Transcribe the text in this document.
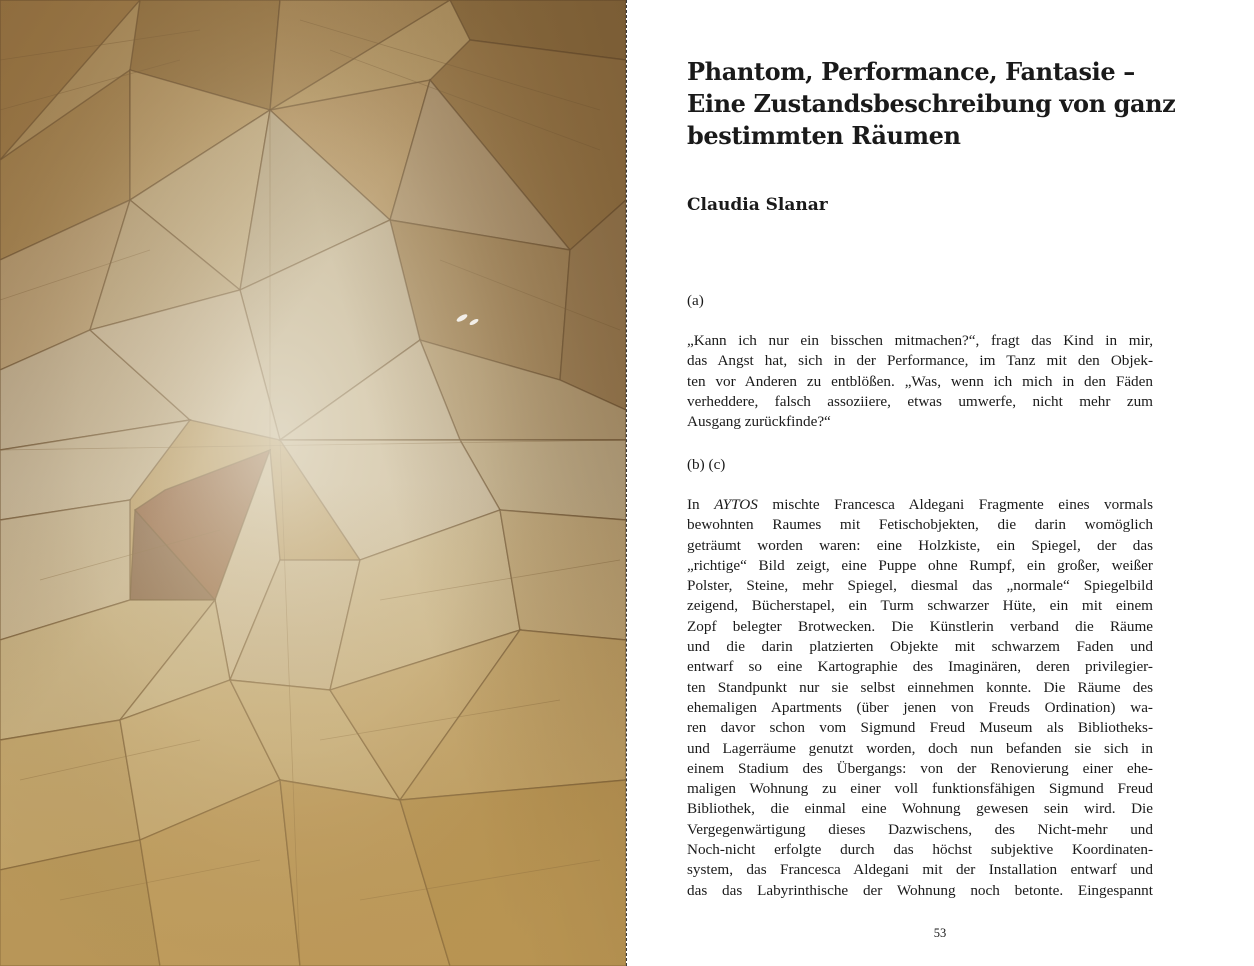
Phantom, Performance, Fantasie –
Eine Zustandsbeschreibung von ganz
bestimmten Räumen

Claudia Slanar

(a)

„Kann ich nur ein bisschen mitmachen?“, fragt das Kind in mir,
das Angst hat, sich in der Performance, im Tanz mit den Objek-
ten vor Anderen zu entblößen. „Was, wenn ich mich in den Fäden
verheddere, falsch assoziiere, etwas umwerfe, nicht mehr zum
Ausgang zurückfinde?“

(b) (c)

In AYTOS mischte Francesca Aldegani Fragmente eines vormals
bewohnten Raumes mit Fetischobjekten, die darin womöglich
geträumt worden waren: eine Holzkiste, ein Spiegel, der das
„richtige“ Bild zeigt, eine Puppe ohne Rumpf, ein großer, weißer
Polster, Steine, mehr Spiegel, diesmal das „normale“ Spiegelbild
zeigend, Bücherstapel, ein Turm schwarzer Hüte, ein mit einem
Zopf belegter Brotwecken. Die Künstlerin verband die Räume
und die darin platzierten Objekte mit schwarzem Faden und
entwarf so eine Kartographie des Imaginären, deren privilegier-
ten Standpunkt nur sie selbst einnehmen konnte. Die Räume des
ehemaligen Apartments (über jenen von Freuds Ordination) wa-
ren davor schon vom Sigmund Freud Museum als Bibliotheks-
und Lagerräume genutzt worden, doch nun befanden sie sich in
einem Stadium des Übergangs: von der Renovierung einer ehe-
maligen Wohnung zu einer voll funktionsfähigen Sigmund Freud
Bibliothek, die einmal eine Wohnung gewesen sein wird. Die
Vergegenwärtigung dieses Dazwischens, des Nicht-mehr und
Noch-nicht erfolgte durch das höchst subjektive Koordinaten-
system, das Francesca Aldegani mit der Installation entwarf und
das das Labyrinthische der Wohnung noch betonte. Eingespannt
53
